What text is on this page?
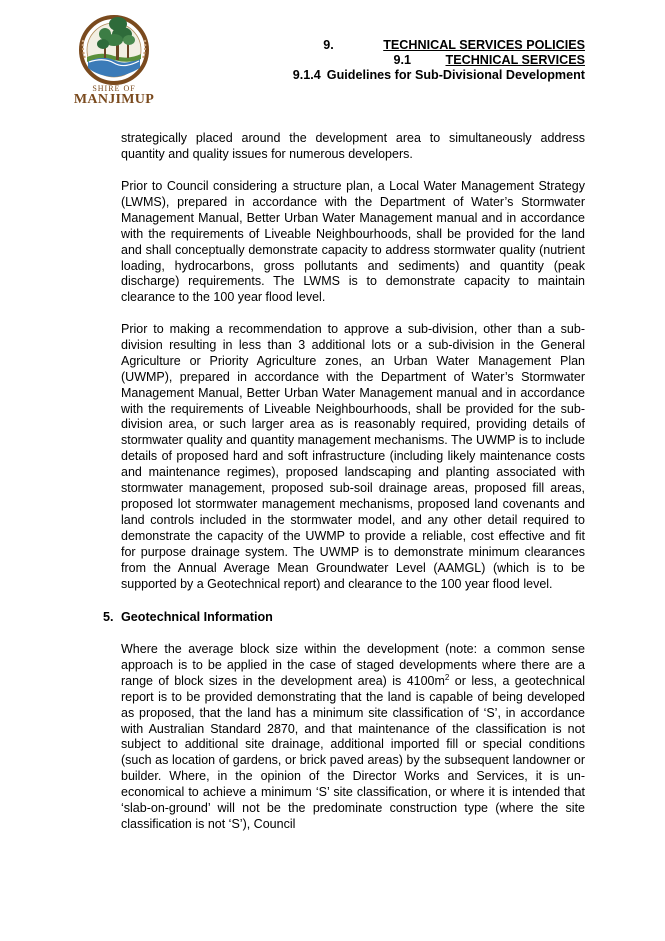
SHIRE OF
MANJIMUP
9.	TECHNICAL SERVICES POLICIES
9.1	TECHNICAL SERVICES
9.1.4 Guidelines for Sub-Divisional Development

strategically placed around the development area to simultaneously address quantity and quality issues for numerous developers.

Prior to Council considering a structure plan, a Local Water Management Strategy (LWMS), prepared in accordance with the Department of Water’s Stormwater Management Manual, Better Urban Water Management manual and in accordance with the requirements of Liveable Neighbourhoods, shall be provided for the land and shall conceptually demonstrate capacity to address stormwater quality (nutrient loading, hydrocarbons, gross pollutants and sediments) and quantity (peak discharge) requirements. The LWMS is to demonstrate capacity to maintain clearance to the 100 year flood level.

Prior to making a recommendation to approve a sub-division, other than a sub-division resulting in less than 3 additional lots or a sub-division in the General Agriculture or Priority Agriculture zones, an Urban Water Management Plan (UWMP), prepared in accordance with the Department of Water’s Stormwater Management Manual, Better Urban Water Management manual and in accordance with the requirements of Liveable Neighbourhoods, shall be provided for the sub-division area, or such larger area as is reasonably required, providing details of stormwater quality and quantity management mechanisms. The UWMP is to include details of proposed hard and soft infrastructure (including likely maintenance costs and maintenance regimes), proposed landscaping and planting associated with stormwater management, proposed sub-soil drainage areas, proposed fill areas, proposed lot stormwater management mechanisms, proposed land covenants and land controls included in the stormwater model, and any other detail required to demonstrate the capacity of the UWMP to provide a reliable, cost effective and fit for purpose drainage system. The UWMP is to demonstrate minimum clearances from the Annual Average Mean Groundwater Level (AAMGL) (which is to be supported by a Geotechnical report) and clearance to the 100 year flood level.

5. Geotechnical Information

Where the average block size within the development (note: a common sense approach is to be applied in the case of staged developments where there are a range of block sizes in the development area) is $4100m^2$ or less, a geotechnical report is to be provided demonstrating that the land is capable of being developed as proposed, that the land has a minimum site classification of ‘S’, in accordance with Australian Standard 2870, and that maintenance of the classification is not subject to additional site drainage, additional imported fill or special conditions (such as location of gardens, or brick paved areas) by the subsequent landowner or builder. Where, in the opinion of the Director Works and Services, it is un-economical to achieve a minimum ‘S’ site classification, or where it is intended that ‘slab-on-ground’ will not be the predominate construction type (where the site classification is not ‘S’), Council
